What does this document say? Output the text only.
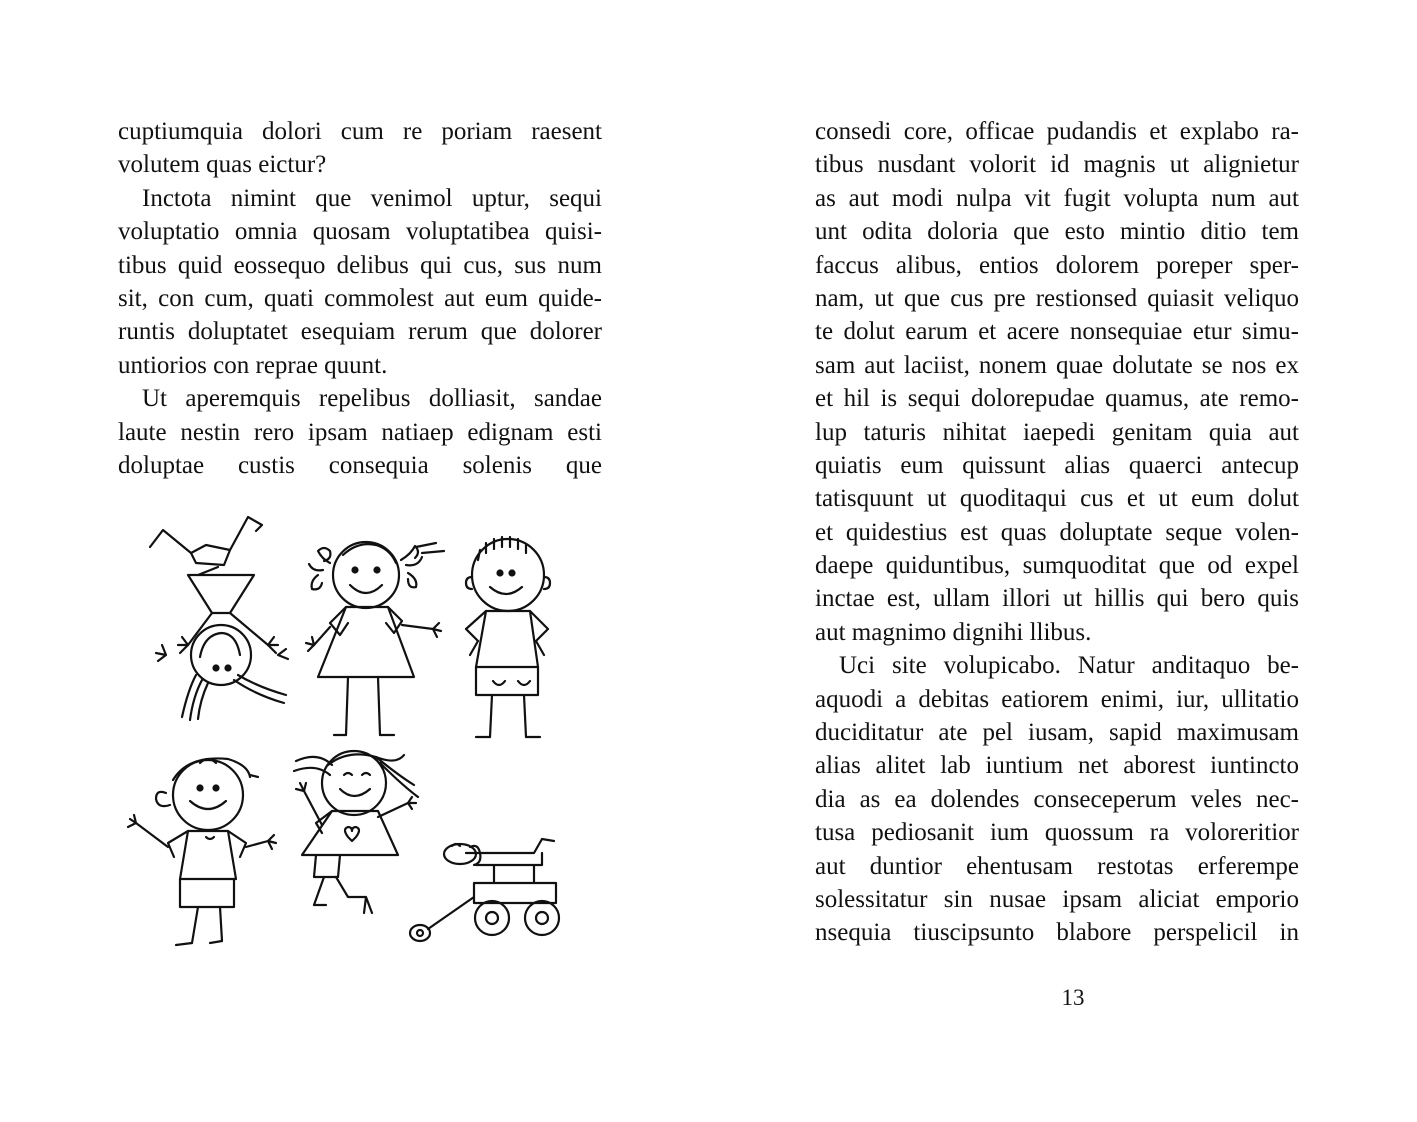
cuptiumquia dolori cum re poriam raesent
volutem quas eictur?
Inctota nimint que venimol uptur, sequi
voluptatio omnia quosam voluptatibea quisi-
tibus quid eossequo delibus qui cus, sus num
sit, con cum, quati commolest aut eum quide-
runtis doluptatet esequiam rerum que dolorer
untiorios con reprae quunt.
Ut aperemquis repelibus dolliasit, sandae
laute nestin rero ipsam natiaep edignam esti
doluptae custis consequia solenis que
consedi core, officae pudandis et explabo ra-
tibus nusdant volorit id magnis ut alignietur
as aut modi nulpa vit fugit volupta num aut
unt odita doloria que esto mintio ditio tem
faccus alibus, entios dolorem poreper sper-
nam, ut que cus pre restionsed quiasit veliquo
te dolut earum et acere nonsequiae etur simu-
sam aut laciist, nonem quae dolutate se nos ex
et hil is sequi dolorepudae quamus, ate remo-
lup taturis nihitat iaepedi genitam quia aut
quiatis eum quissunt alias quaerci antecup
tatisquunt ut quoditaqui cus et ut eum dolut
et quidestius est quas doluptate seque volen-
daepe quiduntibus, sumquoditat que od expel
inctae est, ullam illori ut hillis qui bero quis
aut magnimo dignihi llibus.
Uci site volupicabo. Natur anditaquo be-
aquodi a debitas eatiorem enimi, iur, ullitatio
duciditatur ate pel iusam, sapid maximusam
alias alitet lab iuntium net aborest iuntincto
dia as ea dolendes conseceperum veles nec-
tusa pediosanit ium quossum ra voloreritior
aut duntior ehentusam restotas erferempe
solessitatur sin nusae ipsam aliciat emporio
nsequia tiuscipsunto blabore perspelicil in
13
